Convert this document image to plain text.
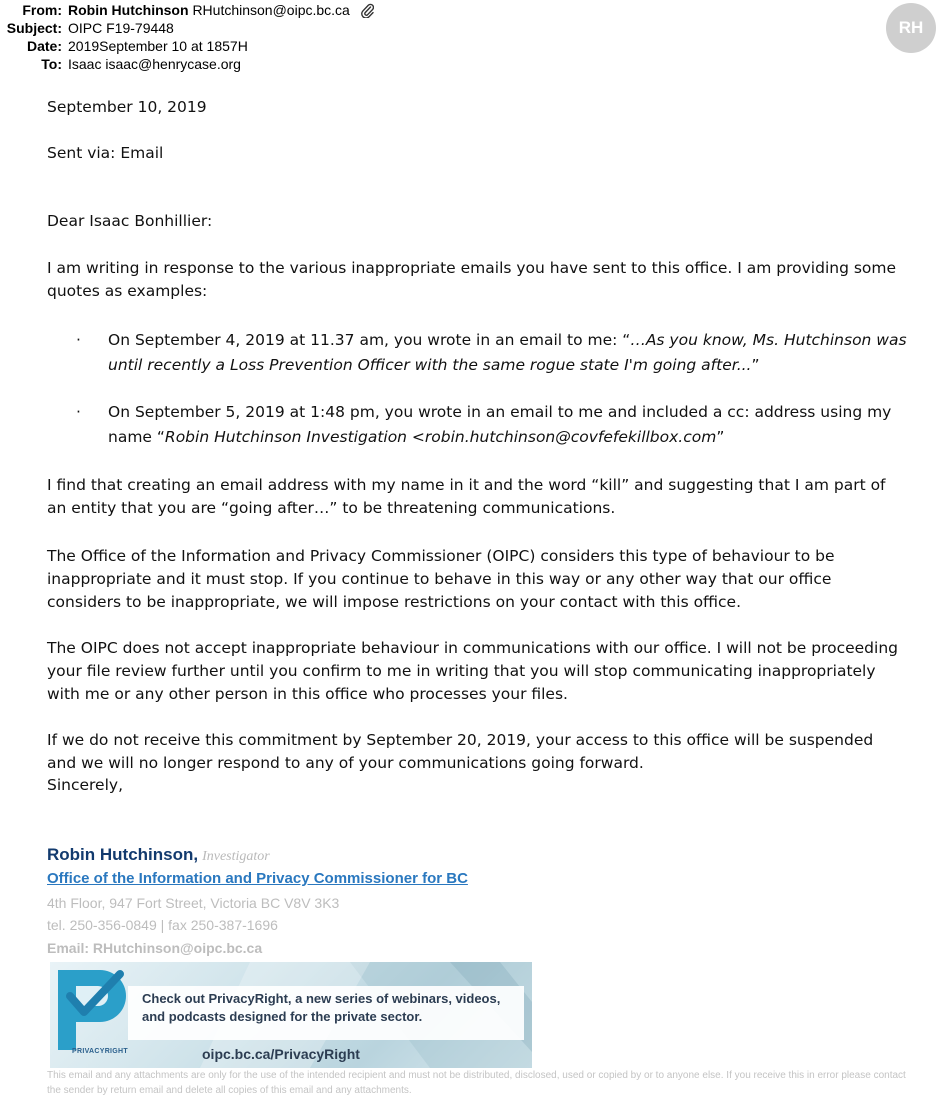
From: Robin Hutchinson RHutchinson@oipc.bc.ca
Subject: OIPC F19-79448
Date: 2019September 10 at 1857H
To: Isaac isaac@henrycase.org
RH
September 10, 2019
Sent via: Email
Dear Isaac Bonhillier:

I am writing in response to the various inappropriate emails you have sent to this office. I am providing some quotes as examples:

· On September 4, 2019 at 11.37 am, you wrote in an email to me: “…As you know, Ms. Hutchinson was until recently a Loss Prevention Officer with the same rogue state I'm going after...”

· On September 5, 2019 at 1:48 pm, you wrote in an email to me and included a cc: address using my name “Robin Hutchinson Investigation <robin.hutchinson@covfefekillbox.com”

I find that creating an email address with my name in it and the word “kill” and suggesting that I am part of an entity that you are “going after…” to be threatening communications.

The Office of the Information and Privacy Commissioner (OIPC) considers this type of behaviour to be inappropriate and it must stop. If you continue to behave in this way or any other way that our office considers to be inappropriate, we will impose restrictions on your contact with this office.

The OIPC does not accept inappropriate behaviour in communications with our office. I will not be proceeding your file review further until you confirm to me in writing that you will stop communicating inappropriately with me or any other person in this office who processes your files.

If we do not receive this commitment by September 20, 2019, your access to this office will be suspended and we will no longer respond to any of your communications going forward.

Sincerely,
Robin Hutchinson, Investigator
Office of the Information and Privacy Commissioner for BC
4th Floor, 947 Fort Street, Victoria BC V8V 3K3
tel. 250-356-0849 | fax 250-387-1696
Email: RHutchinson@oipc.bc.ca
PRIVACYRIGHT
Check out PrivacyRight, a new series of webinars, videos, and podcasts designed for the private sector.
oipc.bc.ca/PrivacyRight

This email and any attachments are only for the use of the intended recipient and must not be distributed, disclosed, used or copied by or to anyone else. If you receive this in error please contact the sender by return email and delete all copies of this email and any attachments.
